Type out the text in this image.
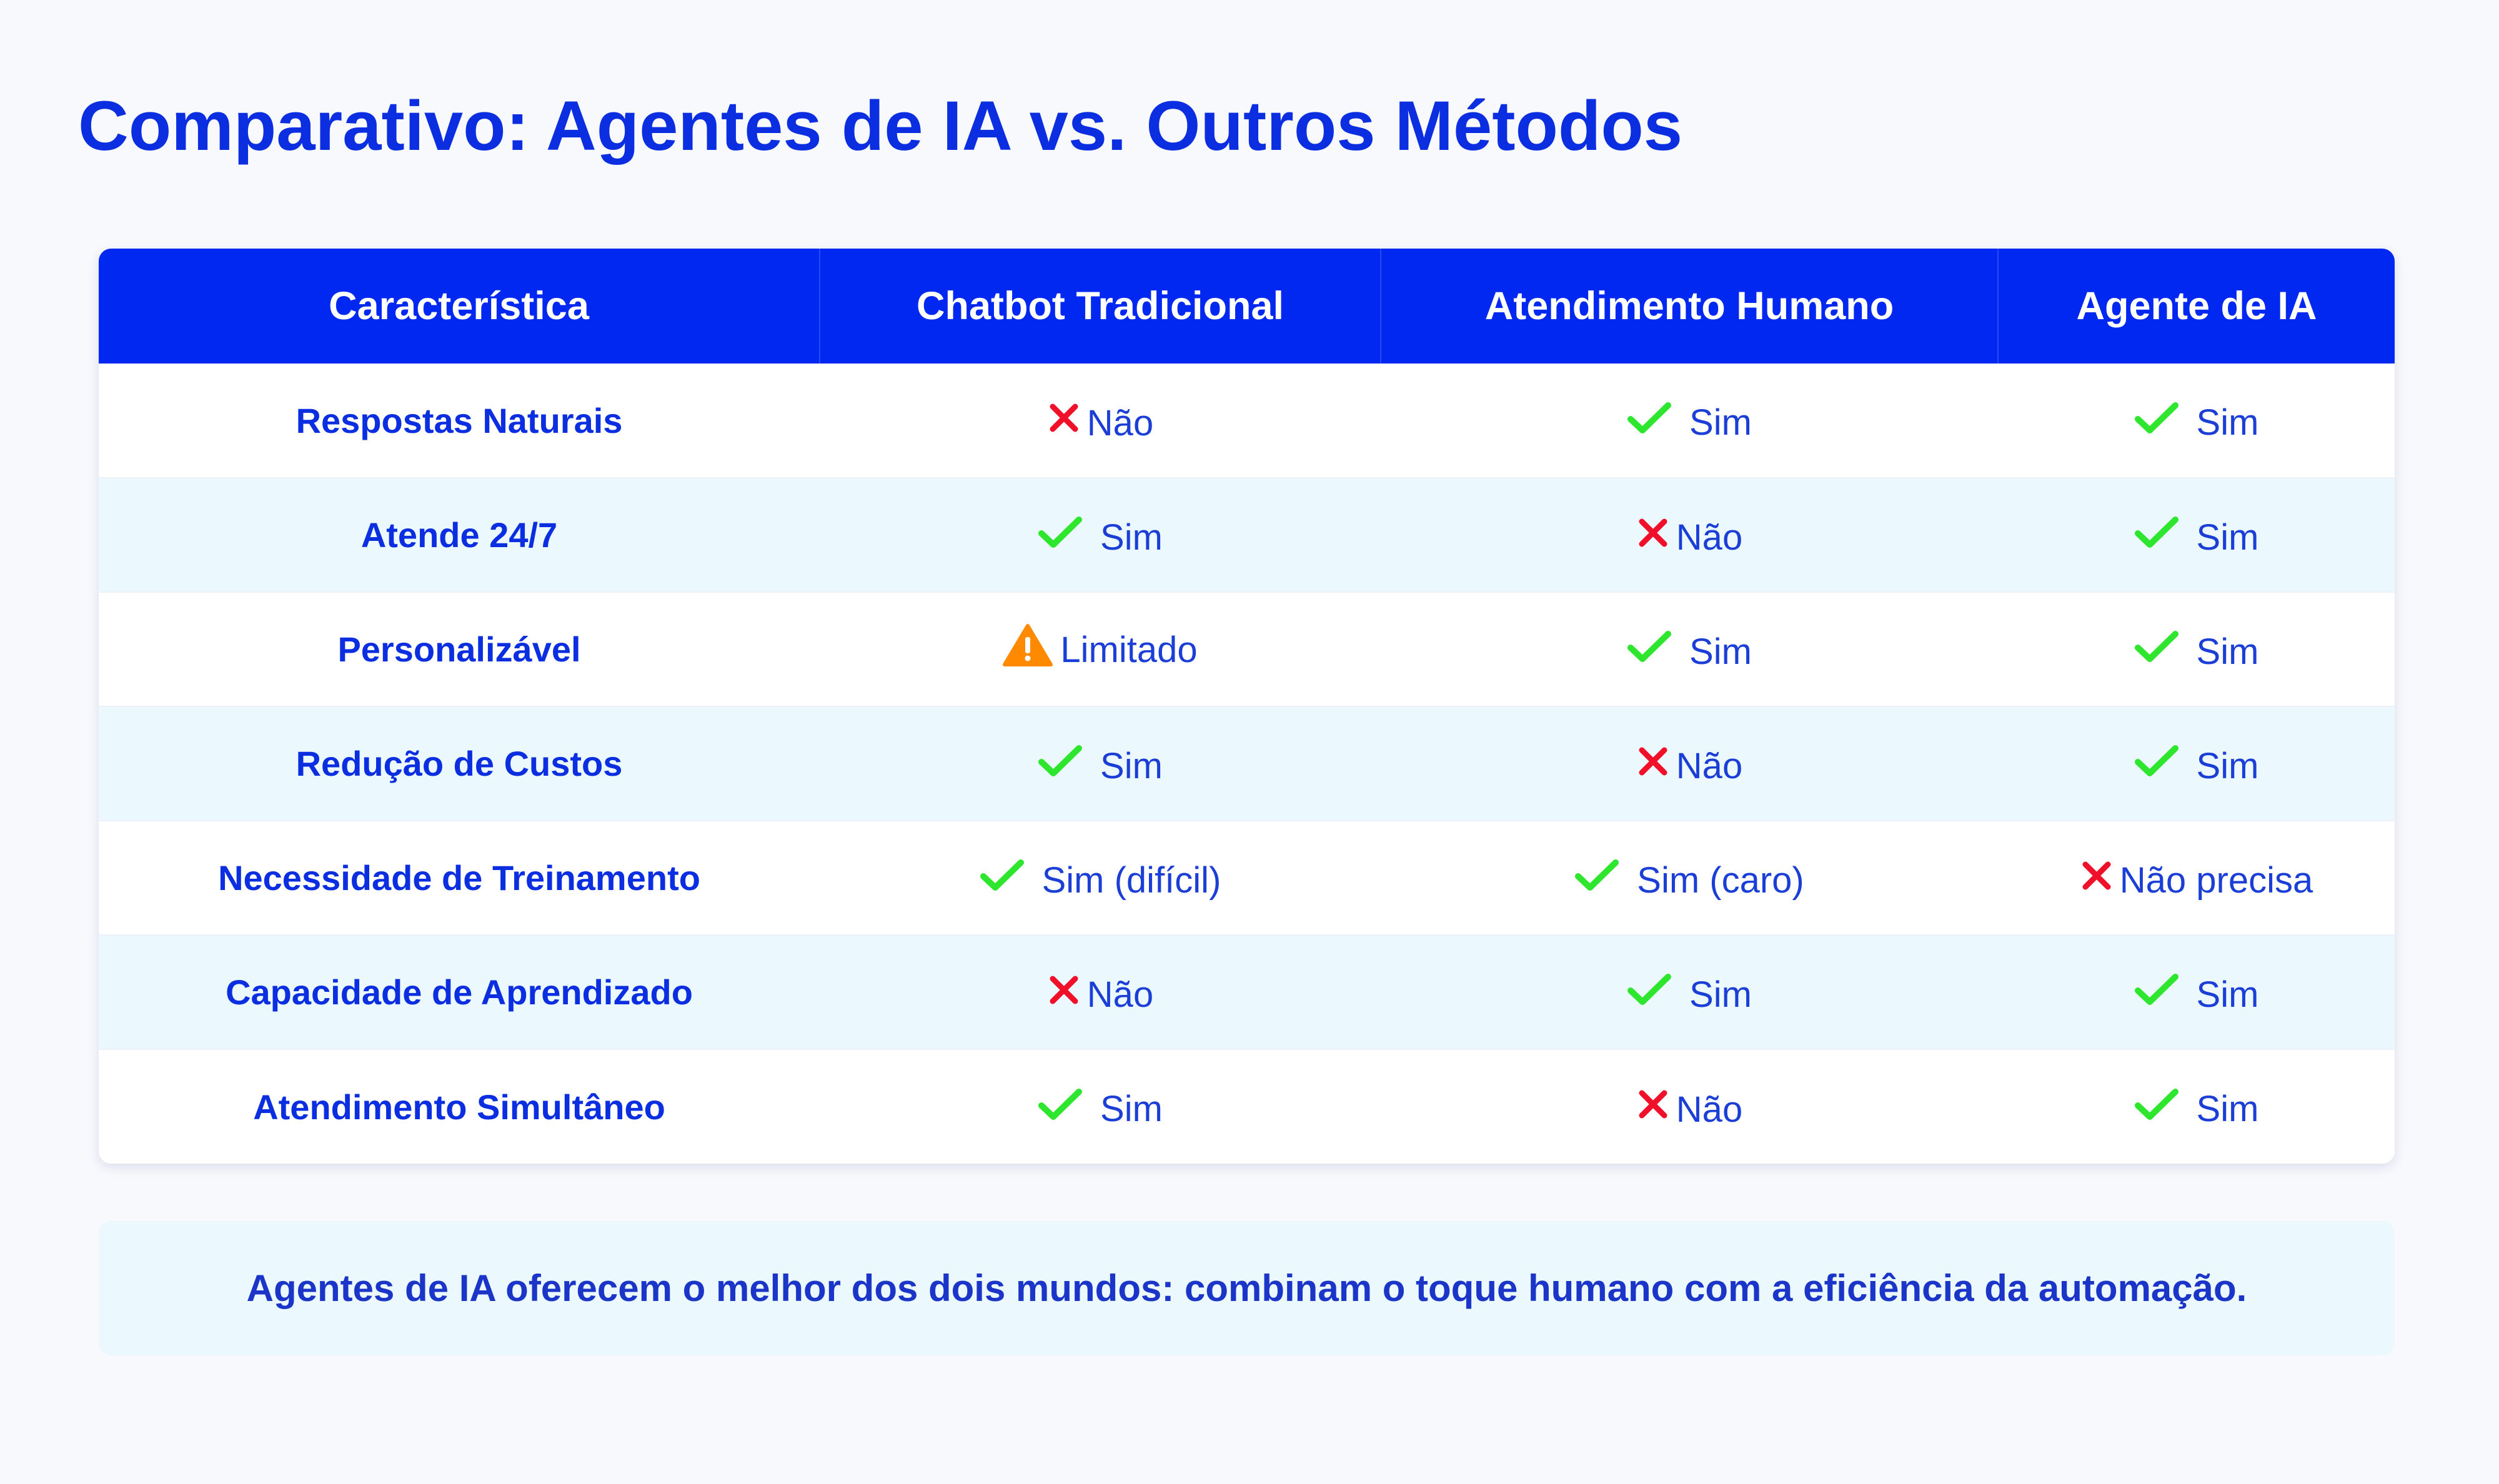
Comparativo: Agentes de IA vs. Outros Métodos
Característica	Chatbot Tradicional	Atendimento Humano	Agente de IA
Respostas Naturais	Não	Sim	Sim

Atende 24/7	Sim	Não	Sim

Personalizável	Limitado	Sim	Sim

Redução de Custos	Sim	Não	Sim

Necessidade de Treinamento	Sim (difícil)	Sim (caro)	Não precisa

Capacidade de Aprendizado	Não	Sim	Sim

Atendimento Simultâneo	Sim	Não	Sim
Agentes de IA oferecem o melhor dos dois mundos: combinam o toque humano com a eficiência da automação.
